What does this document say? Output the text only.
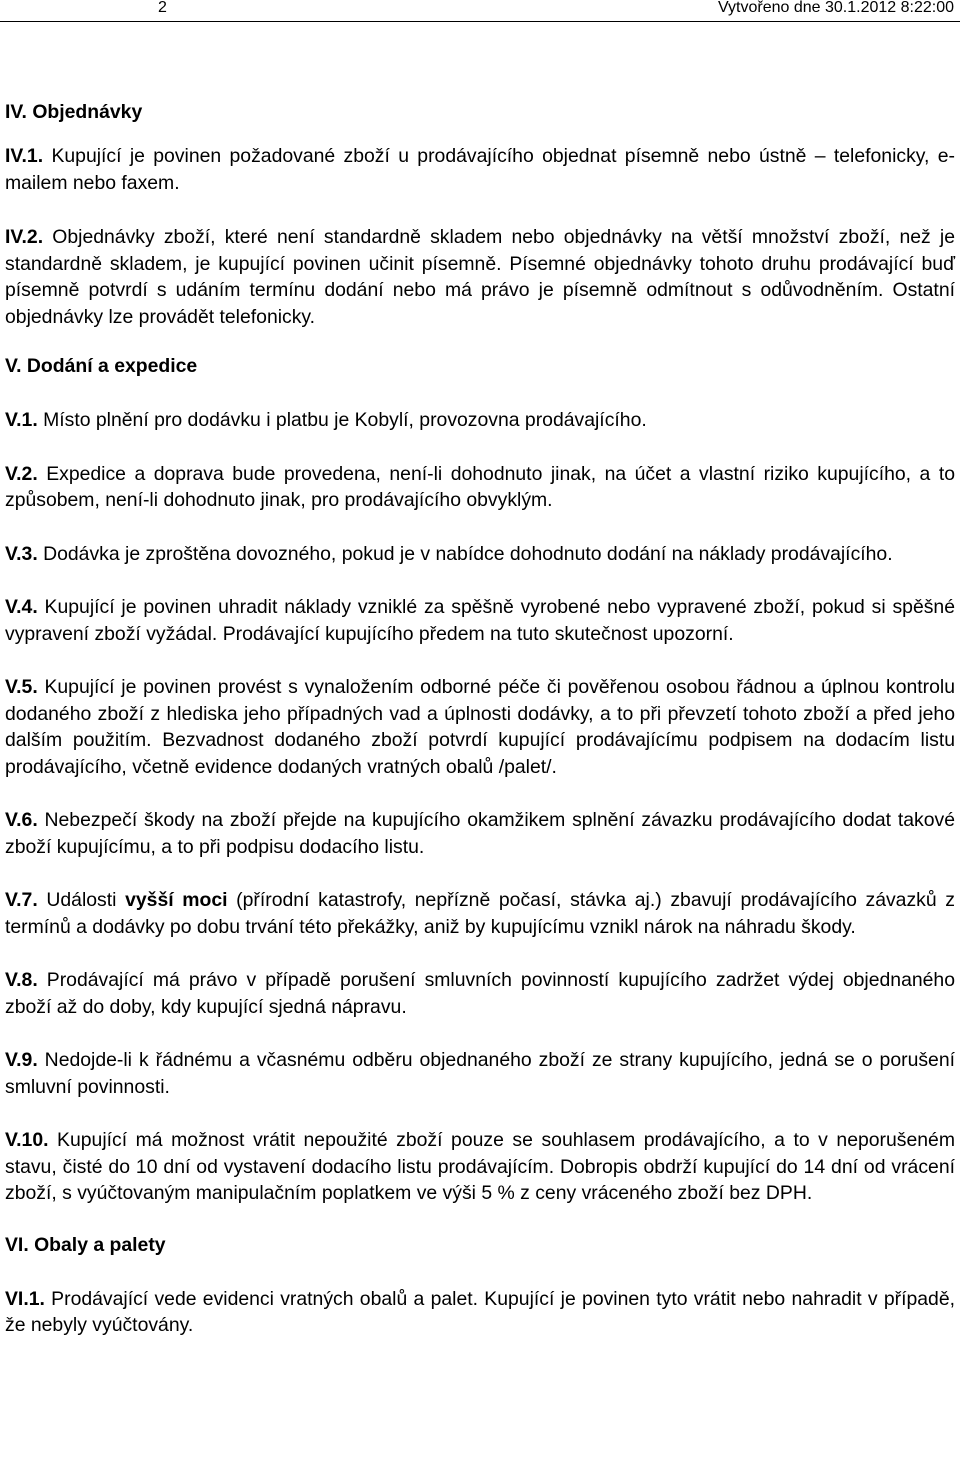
2	Vytvořeno dne 30.1.2012 8:22:00

IV. Objednávky

IV.1. Kupující je povinen požadované zboží u prodávajícího objednat písemně nebo ústně – telefonicky, e-mailem nebo faxem.

IV.2. Objednávky zboží, které není standardně skladem nebo objednávky na větší množství zboží, než je standardně skladem, je kupující povinen učinit písemně. Písemné objednávky tohoto druhu prodávající buď písemně potvrdí s udáním termínu dodání nebo má právo je písemně odmítnout s odůvodněním. Ostatní objednávky lze provádět telefonicky.

V. Dodání a expedice

V.1. Místo plnění pro dodávku i platbu je Kobylí, provozovna prodávajícího.

V.2. Expedice a doprava bude provedena, není-li dohodnuto jinak, na účet a vlastní riziko kupujícího, a to způsobem, není-li dohodnuto jinak, pro prodávajícího obvyklým.

V.3. Dodávka je zproštěna dovozného, pokud je v nabídce dohodnuto dodání na náklady prodávajícího.

V.4. Kupující je povinen uhradit náklady vzniklé za spěšně vyrobené nebo vypravené zboží, pokud si spěšné vypravení zboží vyžádal. Prodávající kupujícího předem na tuto skutečnost upozorní.

V.5. Kupující je povinen provést s vynaložením odborné péče či pověřenou osobou řádnou a úplnou kontrolu dodaného zboží z hlediska jeho případných vad a úplnosti dodávky, a to při převzetí tohoto zboží a před jeho dalším použitím. Bezvadnost dodaného zboží potvrdí kupující prodávajícímu podpisem na dodacím listu prodávajícího, včetně evidence dodaných vratných obalů /palet/.

V.6. Nebezpečí škody na zboží přejde na kupujícího okamžikem splnění závazku prodávajícího dodat takové zboží kupujícímu, a to při podpisu dodacího listu.

V.7. Události vyšší moci (přírodní katastrofy, nepřízně počasí, stávka aj.) zbavují prodávajícího závazků z termínů a dodávky po dobu trvání této překážky, aniž by kupujícímu vznikl nárok na náhradu škody.

V.8. Prodávající má právo v případě porušení smluvních povinností kupujícího zadržet výdej objednaného zboží až do doby, kdy kupující sjedná nápravu.

V.9. Nedojde-li k řádnému a včasnému odběru objednaného zboží ze strany kupujícího, jedná se o porušení smluvní povinnosti.

V.10. Kupující má možnost vrátit nepoužité zboží pouze se souhlasem prodávajícího, a to v neporušeném stavu, čisté do 10 dní od vystavení dodacího listu prodávajícím. Dobropis obdrží kupující do 14 dní od vrácení zboží, s vyúčtovaným manipulačním poplatkem ve výši 5 % z ceny vráceného zboží bez DPH.

VI. Obaly a palety

VI.1. Prodávající vede evidenci vratných obalů a palet. Kupující je povinen tyto vrátit nebo nahradit v případě, že nebyly vyúčtovány.
